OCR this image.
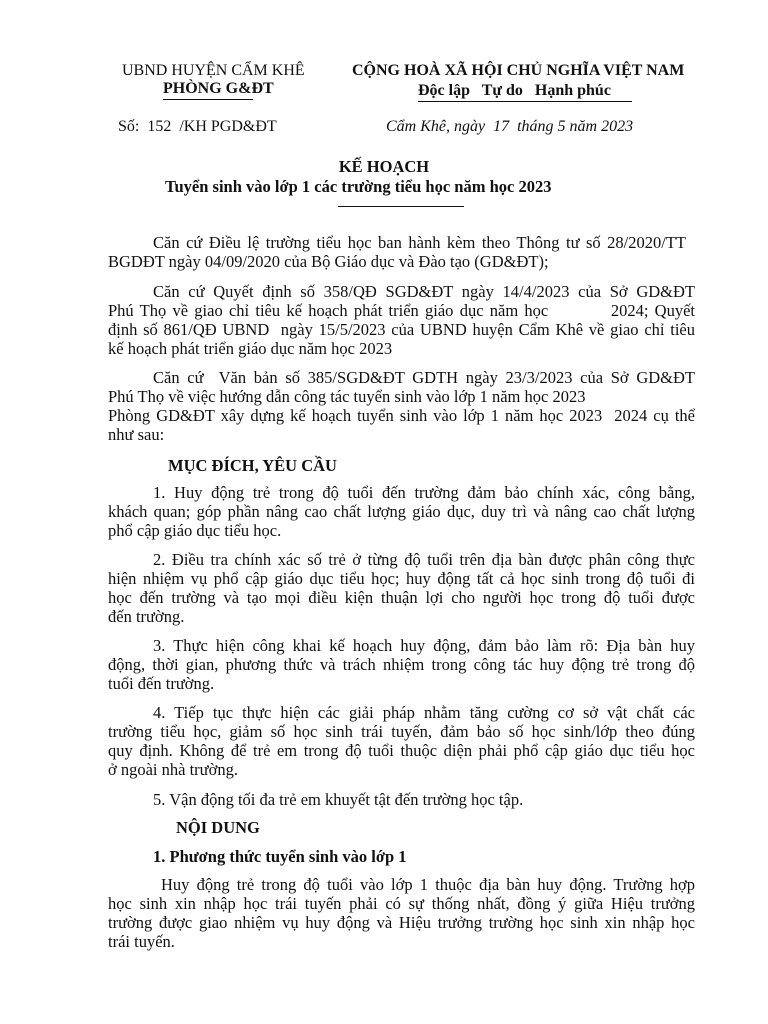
UBND HUYỆN CẨM KHÊ
PHÒNG G&ĐT
CỘNG HOÀ XÃ HỘI CHỦ NGHĨA VIỆT NAM
Độc lập   Tự do   Hạnh phúc
Số: 152 /KH PGD&ĐT	Cẩm Khê, ngày 17 tháng 5 năm 2023
KẾ HOẠCH
Tuyển sinh vào lớp 1 các trường tiểu học năm học 2023
Căn cứ Điều lệ trường tiểu học ban hành kèm theo Thông tư số 28/2020/TT
BGDĐT ngày 04/09/2020 của Bộ Giáo dục và Đào tạo (GD&ĐT);
Căn cứ Quyết định số 358/QĐ SGD&ĐT ngày 14/4/2023 của Sở GD&ĐT
Phú Thọ về giao chỉ tiêu kế hoạch phát triển giáo dục năm học          2024; Quyết
định số 861/QĐ UBND  ngày 15/5/2023 của UBND huyện Cẩm Khê về giao chỉ tiêu
kế hoạch phát triển giáo dục năm học 2023
Căn cứ  Văn bản số 385/SGD&ĐT GDTH ngày 23/3/2023 của Sở GD&ĐT
Phú Thọ về việc hướng dẫn công tác tuyển sinh vào lớp 1 năm học 2023
Phòng GD&ĐT xây dựng kế hoạch tuyển sinh vào lớp 1 năm học 2023  2024 cụ thể
như sau:
MỤC ĐÍCH, YÊU CẦU
1. Huy động trẻ trong độ tuổi đến trường đảm bảo chính xác, công bằng,
khách quan; góp phần nâng cao chất lượng giáo dục, duy trì và nâng cao chất lượng
phổ cập giáo dục tiểu học.
2. Điều tra chính xác số trẻ ở từng độ tuổi trên địa bàn được phân công thực
hiện nhiệm vụ phổ cập giáo dục tiểu học; huy động tất cả học sinh trong độ tuổi đi
học đến trường và tạo mọi điều kiện thuận lợi cho người học trong độ tuổi được
đến trường.
3. Thực hiện công khai kế hoạch huy động, đảm bảo làm rõ: Địa bàn huy
động, thời gian, phương thức và trách nhiệm trong công tác huy động trẻ trong độ
tuổi đến trường.
4. Tiếp tục thực hiện các giải pháp nhằm tăng cường cơ sở vật chất các
trường tiểu học, giảm số học sinh trái tuyến, đảm bảo số học sinh/lớp theo đúng
quy định. Không để trẻ em trong độ tuổi thuộc diện phải phổ cập giáo dục tiểu học
ở ngoài nhà trường.
5. Vận động tối đa trẻ em khuyết tật đến trường học tập.
NỘI DUNG
1. Phương thức tuyển sinh vào lớp 1
Huy động trẻ trong độ tuổi vào lớp 1 thuộc địa bàn huy động. Trường hợp
học sinh xin nhập học trái tuyến phải có sự thống nhất, đồng ý giữa Hiệu trưởng
trường được giao nhiệm vụ huy động và Hiệu trưởng trường học sinh xin nhập học
trái tuyến.
